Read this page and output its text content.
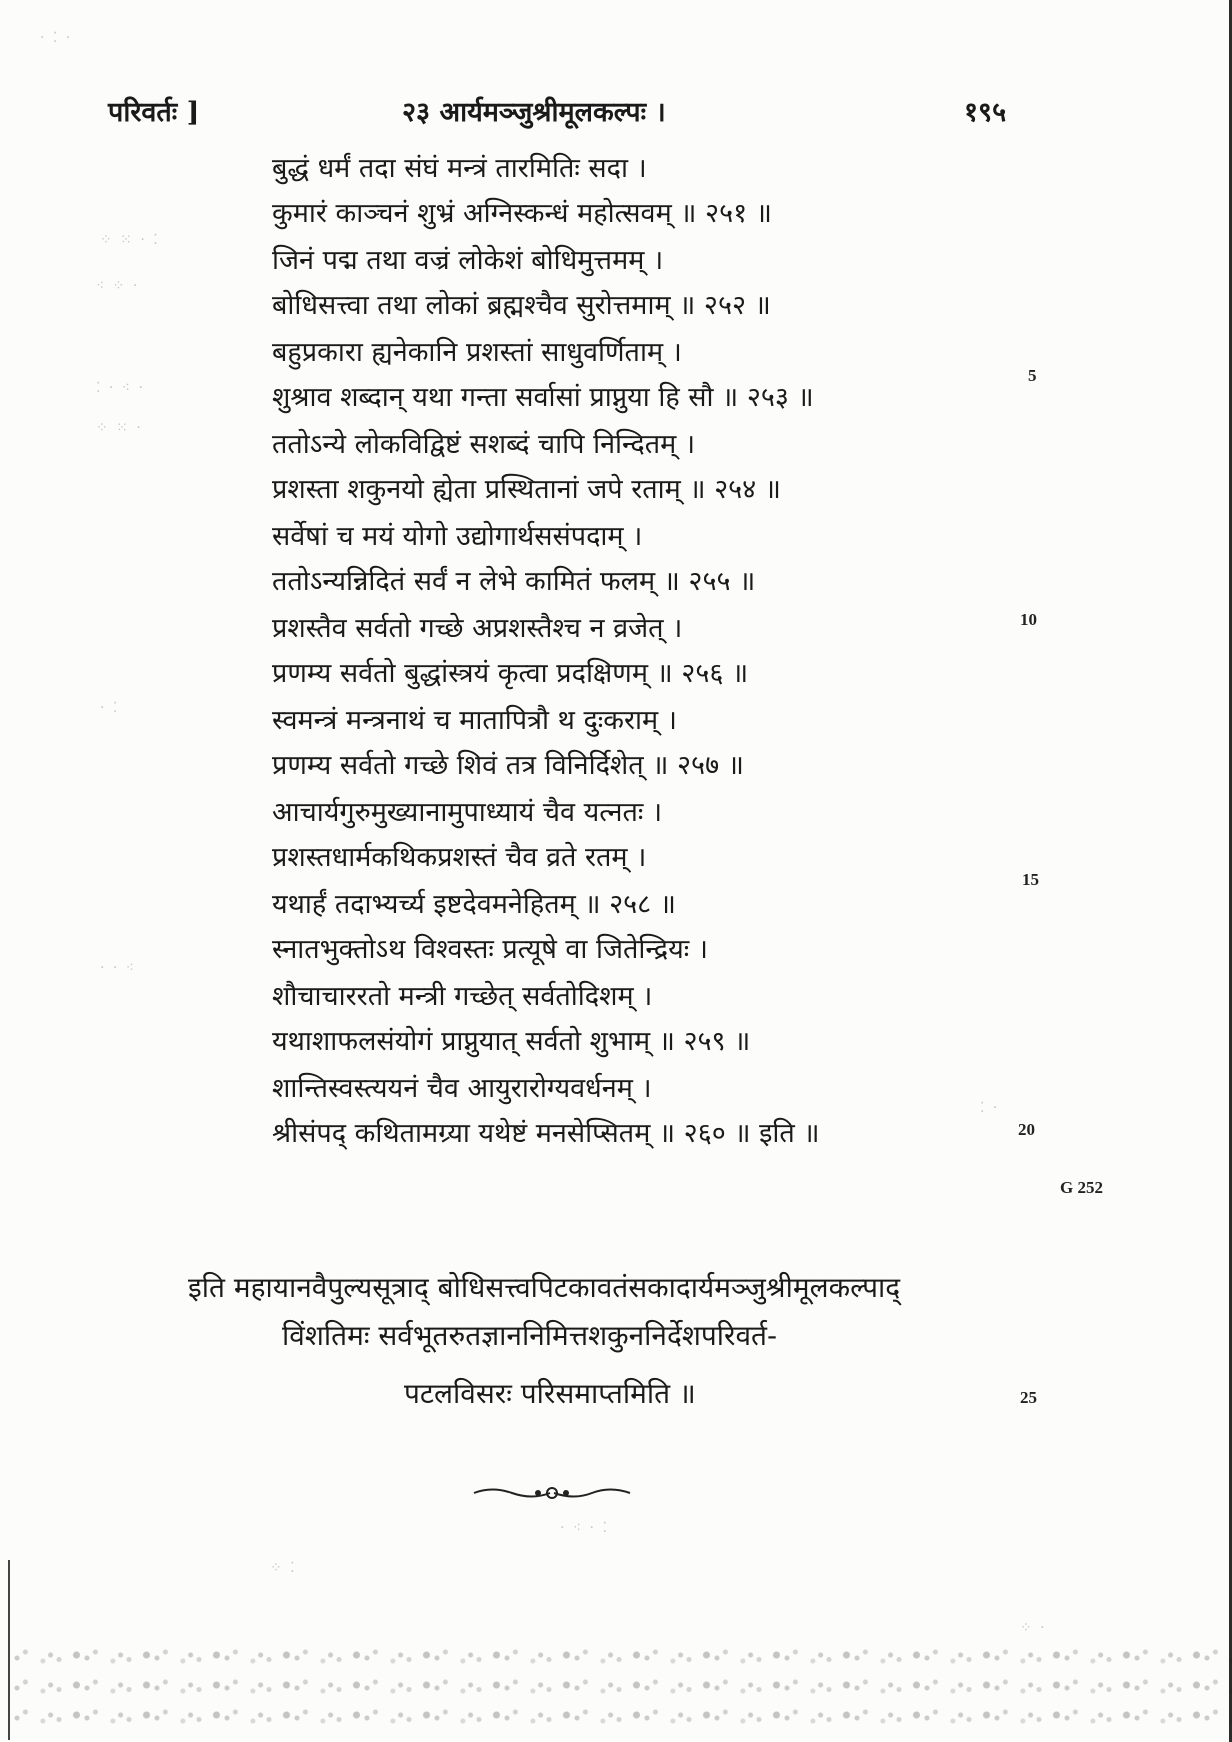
परिवर्तः ]	२३ आर्यमञ्जुश्रीमूलकल्पः ।	१९५
बुद्धं धर्मं तदा संघं मन्त्रं तारमितिः सदा ।
कुमारं काञ्चनं शुभ्रं अग्निस्कन्धं महोत्सवम् ॥ २५१ ॥
जिनं पद्म तथा वज्रं लोकेशं बोधिमुत्तमम् ।
बोधिसत्त्वा तथा लोकां ब्रह्मश्चैव सुरोत्तमाम् ॥ २५२ ॥
बहुप्रकारा ह्यनेकानि प्रशस्तां साधुवर्णिताम् ।
शुश्राव शब्दान् यथा गन्ता सर्वासां प्राप्नुया हि सौ ॥ २५३ ॥
ततोऽन्ये लोकविद्विष्टं सशब्दं चापि निन्दितम् ।
प्रशस्ता शकुनयो ह्येता प्रस्थितानां जपे रताम् ॥ २५४ ॥
सर्वेषां च मयं योगो उद्योगार्थससंपदाम् ।
ततोऽन्यन्निदितं सर्वं न लेभे कामितं फलम् ॥ २५५ ॥
प्रशस्तैव सर्वतो गच्छे अप्रशस्तैश्च न व्रजेत् ।
प्रणम्य सर्वतो बुद्धांस्त्रयं कृत्वा प्रदक्षिणम् ॥ २५६ ॥
स्वमन्त्रं मन्त्रनाथं च मातापित्रौ थ दुःकराम् ।
प्रणम्य सर्वतो गच्छे शिवं तत्र विनिर्दिशेत् ॥ २५७ ॥
आचार्यगुरुमुख्यानामुपाध्यायं चैव यत्नतः ।
प्रशस्तधार्मकथिकप्रशस्तं चैव व्रते रतम् ।
यथार्हं तदाभ्यर्च्य इष्टदेवमनेहितम् ॥ २५८ ॥
स्नातभुक्तोऽथ विश्वस्तः प्रत्यूषे वा जितेन्द्रियः ।
शौचाचाररतो मन्त्री गच्छेत् सर्वतोदिशम् ।
यथाशाफलसंयोगं प्राप्नुयात् सर्वतो शुभाम् ॥ २५९ ॥
शान्तिस्वस्त्ययनं चैव आयुरारोग्यवर्धनम् ।
श्रीसंपद् कथितामग्र्या यथेष्टं मनसेप्सितम् ॥ २६० ॥ इति ॥
5
10
15
20
G 252
25
इति महायानवैपुल्यसूत्राद् बोधिसत्त्वपिटकावतंसकादार्यमञ्जुश्रीमूलकल्पाद्
विंशतिमः सर्वभूतरुतज्ञाननिमित्तशकुननिर्देशपरिवर्त-
पटलविसरः परिसमाप्तमिति ॥
· ⁚ ·
⁘ ⁙ · ⁚
⁖ ⁘ ·
⁚ · ⁖ ·
⁘ ⁙ ·
· ⁚
· · ⁖
⁚ ·
⁘ ⁚
· ⁖ · ⁚
⁘ ·
